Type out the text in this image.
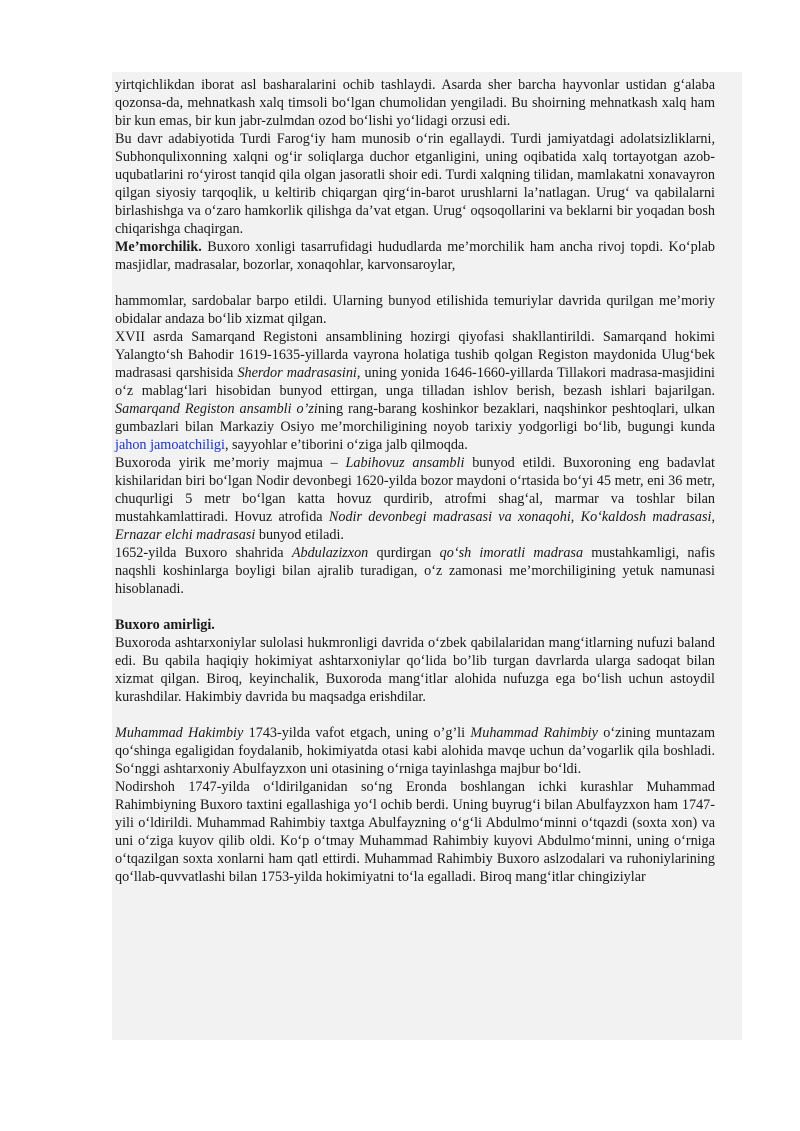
yirtqichlikdan iborat asl basharalarini ochib tashlaydi. Asarda sher barcha hayvonlar ustidan g‘alaba qozonsa-da, mehnatkash xalq timsoli bo‘lgan chumolidan yengiladi. Bu shoirning mehnatkash xalq ham bir kun emas, bir kun jabr-zulmdan ozod bo‘lishi yo‘lidagi orzusi edi.

Bu davr adabiyotida Turdi Farog‘iy ham munosib o‘rin egallaydi. Turdi jamiyatdagi adolatsizliklarni, Subhonqulixonning xalqni og‘ir soliqlarga duchor etganligini, uning oqibatida xalq tortayotgan azob-uqubatlarini ro‘yirost tanqid qila olgan jasoratli shoir edi. Turdi xalqning tilidan, mamlakatni xonavayron qilgan siyosiy tarqoqlik, u keltirib chiqargan qirg‘in-barot urushlarni la’natlagan. Urug‘ va qabilalarni birlashishga va o‘zaro hamkorlik qilishga da’vat etgan. Urug‘ oqsoqollarini va beklarni bir yoqadan bosh chiqarishga chaqirgan.

Me’morchilik. Buxoro xonligi tasarrufidagi hududlarda me’morchilik ham ancha rivoj topdi. Ko‘plab masjidlar, madrasalar, bozorlar, xonaqohlar, karvonsaroylar,

hammomlar, sardobalar barpo etildi. Ularning bunyod etilishida temuriylar davrida qurilgan me’moriy obidalar andaza bo‘lib xizmat qilgan.

XVII asrda Samarqand Registoni ansamblining hozirgi qiyofasi shakllantirildi. Samarqand hokimi Yalangto‘sh Bahodir 1619-1635-yillarda vayrona holatiga tushib qolgan Registon maydonida Ulug‘bek madrasasi qarshisida Sherdor madrasasini, uning yonida 1646-1660-yillarda Tillakori madrasa-masjidini o‘z mablag‘lari hisobidan bunyod ettirgan, unga tilladan ishlov berish, bezash ishlari bajarilgan. Samarqand Registon ansambli o’zining rang-barang koshinkor bezaklari, naqshinkor peshtoqlari, ulkan gumbazlari bilan Markaziy Osiyo me’morchiligining noyob tarixiy yodgorligi bo‘lib, bugungi kunda jahon jamoatchiligi, sayyohlar e’tiborini o‘ziga jalb qilmoqda.

Buxoroda yirik me’moriy majmua – Labihovuz ansambli bunyod etildi. Buxoroning eng badavlat kishilaridan biri bo‘lgan Nodir devonbegi 1620-yilda bozor maydoni o‘rtasida bo‘yi 45 metr, eni 36 metr, chuqurligi 5 metr bo‘lgan katta hovuz qurdirib, atrofmi shag‘al, marmar va toshlar bilan mustahkamlattiradi. Hovuz atrofida Nodir devonbegi madrasasi va xonaqohi, Ko‘kaldosh madrasasi, Ernazar elchi madrasasi bunyod etiladi.

1652-yilda Buxoro shahrida Abdulazizxon qurdirgan qo‘sh imoratli madrasa mustahkamligi, nafis naqshli koshinlarga boyligi bilan ajralib turadigan, o‘z zamonasi me’morchiligining yetuk namunasi hisoblanadi.

Buxoro amirligi.

Buxoroda ashtarxoniylar sulolasi hukmronligi davrida o‘zbek qabilalaridan mang‘itlarning nufuzi baland edi. Bu qabila haqiqiy hokimiyat ashtarxoniylar qo‘lida bo’lib turgan davrlarda ularga sadoqat bilan xizmat qilgan. Biroq, keyinchalik, Buxoroda mang‘itlar alohida nufuzga ega bo‘lish uchun astoydil kurashdilar. Hakimbiy davrida bu maqsadga erishdilar.

Muhammad Hakimbiy 1743-yilda vafot etgach, uning o’g’li Muhammad Rahimbiy o‘zining muntazam qo‘shinga egaligidan foydalanib, hokimiyatda otasi kabi alohida mavqe uchun da’vogarlik qila boshladi. So‘nggi ashtarxoniy Abulfayzxon uni otasining o‘rniga tayinlashga majbur bo‘ldi.

Nodirshoh 1747-yilda o‘ldirilganidan so‘ng Eronda boshlangan ichki kurashlar Muhammad Rahimbiyning Buxoro taxtini egallashiga yo‘l ochib berdi. Uning buyrug‘i bilan Abulfayzxon ham 1747-yili o‘ldirildi. Muhammad Rahimbiy taxtga Abulfayzning o‘g‘li Abdulmo‘minni o‘tqazdi (soxta xon) va uni o‘ziga kuyov qilib oldi. Ko‘p o‘tmay Muhammad Rahimbiy kuyovi Abdulmo‘minni, uning o‘rniga o‘tqazilgan soxta xonlarni ham qatl ettirdi. Muhammad Rahimbiy Buxoro aslzodalari va ruhoniylarining qo‘llab-quvvatlashi bilan 1753-yilda hokimiyatni to‘la egalladi. Biroq mang‘itlar chingiziylar
